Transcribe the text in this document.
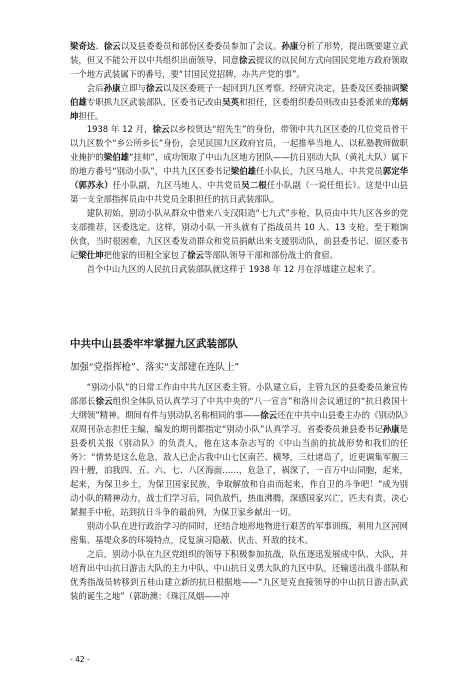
梁奇达、徐云以及县委委员和部份区委委员参加了会议。孙康分析了形势，提出既要建立武装，但又不能公开以中共组织出面领导，同意徐云提议的以民间方式向国民党地方政府领取一个地方武装属下的番号，要“甘国民党招牌，办共产党的事”。

会后孙康立即与徐云以及区委班子一起回到九区考察。经研究决定，县委及区委抽调梁伯雄专职抓九区武装部队，区委书记改由吴英和担任，区委组织委员则改由县委派来的郑炳坤担任。

1938 年 12 月，徐云以乡校贤达“绍先生”的身份，带领中共九区区委的几位党员骨干以九区数个“乡公所乡长”身份，会见民国九区政府官员，一起推举当地人、以私塾教师做职业掩护的梁伯雄“挂帅”，成功领取了中山九区地方团队——抗日别动大队（黄礼大队）属下的地方番号“别动小队”，中共九区区委书记梁伯雄任小队长，九区马地人、中共党员郭定华（郭苏永）任小队副，九区马地人、中共党员吴二根任小队副（一说任组长）。这是中山县第一支全部指挥员由中共党员全职担任的抗日武装部队。

建队初始，别动小队从群众中借来八支汉阳造“七九式”步枪，队员由中共九区各乡的党支部推荐，区委选定。这样，别动小队一开头就有了指战员共 10 人、13 支枪。至于粮饷伙食，当时很困难，九区区委发动群众和党员捐献出来支援别动队，前县委书记、原区委书记梁仕坤把他家的田租全家包了徐云等部队领导干部和部份战士的食宿。

首个中山九区的人民抗日武装部队就这样于 1938 年 12 月在浮墟建立起来了。

中共中山县委牢牢掌握九区武装部队
加强“党指挥枪”、落实“支部建在连队上”

“别动小队”的日常工作由中共九区区委主管。小队建立后，主管九区的县委委员兼宣传部部长徐云组织全体队员认真学习了中共中央的“八一宣言”和洛川会议通过的“抗日救国十大纲领”精神。期间有件与别动队名称相同的事——徐云还在中共中山县委主办的《别动队》双周刊杂志担任主编，编发的期刊都指定“别动小队”认真学习。省委委员兼县委书记孙康是县委机关报《别动队》的负责人，他在这本杂志写的《中山当前的抗战形势和我们的任务》：“情势是这么危急，敌人已企占我中山七区南芒、横琴，三灶诸岛了，近更调集军舰三四十艘，泊我四、五、六、七、八区海面……，危急了，祸深了，一百万中山同胞，起来，起来，为保卫乡土，为保卫国家民族，争取解放和自由而起来，作自卫的斗争吧！”成为别动小队的精神动力，战士们学习后，同仇敌忾，热血沸腾，深感国家兴亡，匹夫有责，决心紧握手中枪，站到抗日斗争的最前列，为保卫家乡献出一切。

别动小队在进行政治学习的同时，还结合地形地物进行艰苦的军事训练，利用九区河网密集、基堤众多的环境特点，反复演习隐蔽、伏击、歼敌的技术。

之后，别动小队在九区党组织的领导下积极参加抗战，队伍逐迅发展成中队、大队，并培育出中山抗日游击大队的主力中队、中山抗日义勇大队的九区中队，还输送出战斗部队和优秀指战员转移到五桂山建立新的抗日根据地——“九区是克直接领导的中山抗日游击队武装的诞生之地”（郭助澳：《珠江凤烟——冲

- 42 -
